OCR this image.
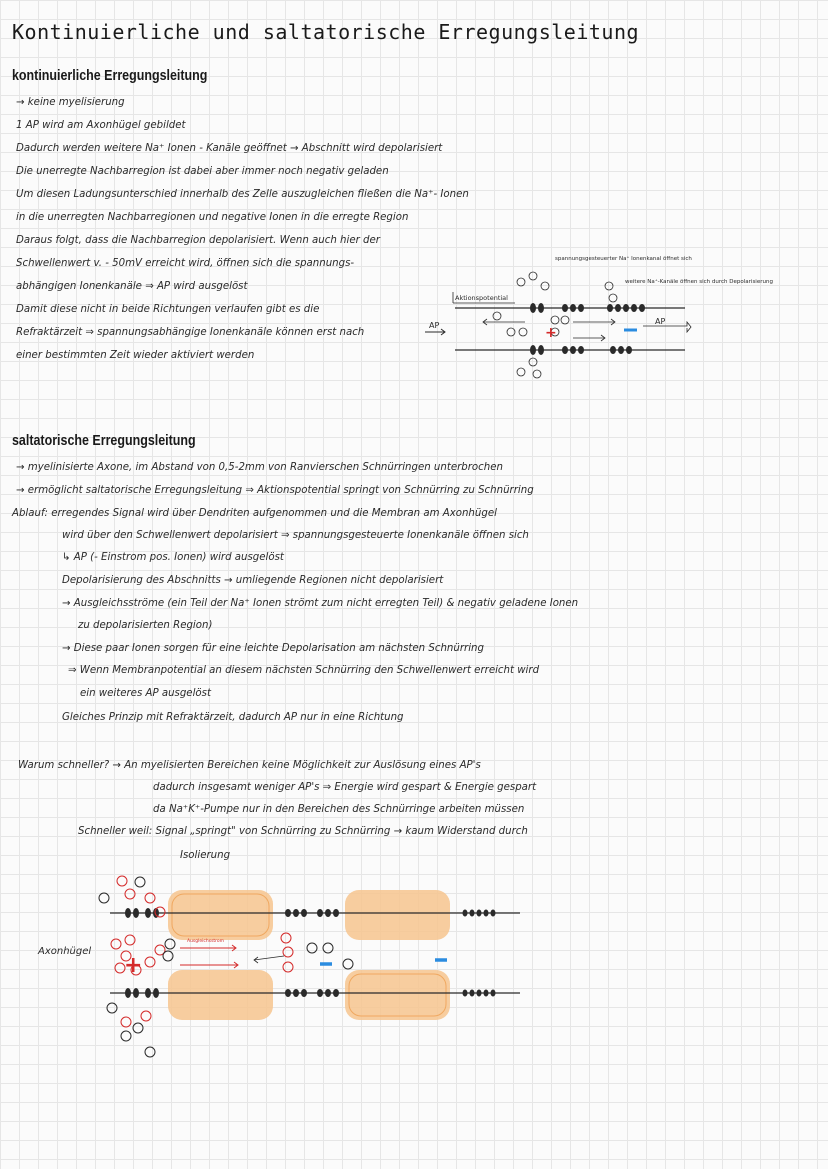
Kontinuierliche und saltatorische Erregungsleitung
kontinuierliche Erregungsleitung
→ keine myelisierung
1 AP wird am Axonhügel gebildet
Dadurch werden weitere Na⁺ Ionen - Kanäle geöffnet → Abschnitt wird depolarisiert
Die unerregte Nachbarregion ist dabei aber immer noch negativ geladen
Um diesen Ladungsunterschied innerhalb des Zelle auszugleichen fließen die Na⁺- Ionen
in die unerregten Nachbarregionen und negative Ionen in die erregte Region
Daraus folgt, dass die Nachbarregion depolarisiert. Wenn auch hier der
Schwellenwert v. - 50mV erreicht wird, öffnen sich die spannungs-
abhängigen Ionenkanäle ⇒ AP wird ausgelöst
Damit diese nicht in beide Richtungen verlaufen gibt es die
Refraktärzeit ⇒ spannungsabhängige Ionenkanäle können erst nach
einer bestimmten Zeit wieder aktiviert werden
AP
Aktionspotential
spannungsgesteuerter Na⁺ Ionenkanal öffnet sich
weitere Na⁺-Kanäle öffnen sich durch Depolarisierung
+
AP
saltatorische Erregungsleitung
→ myelinisierte Axone, im Abstand von 0,5-2mm von Ranvierschen Schnürringen unterbrochen
→ ermöglicht saltatorische Erregungsleitung ⇒ Aktionspotential springt von Schnürring zu Schnürring
Ablauf: erregendes Signal wird über Dendriten aufgenommen und die Membran am Axonhügel
wird über den Schwellenwert depolarisiert ⇒ spannungsgesteuerte Ionenkanäle öffnen sich
↳ AP (- Einstrom pos. Ionen) wird ausgelöst
Depolarisierung des Abschnitts → umliegende Regionen nicht depolarisiert
→ Ausgleichsströme (ein Teil der Na⁺ Ionen strömt zum nicht erregten Teil) & negativ geladene Ionen
zu depolarisierten Region)
→ Diese paar Ionen sorgen für eine leichte Depolarisation am nächsten Schnürring
⇒ Wenn Membranpotential an diesem nächsten Schnürring den Schwellenwert erreicht wird
ein weiteres AP ausgelöst
Gleiches Prinzip mit Refraktärzeit, dadurch AP nur in eine Richtung
Warum schneller? → An myelisierten Bereichen keine Möglichkeit zur Auslösung eines AP's
dadurch insgesamt weniger AP's ⇒ Energie wird gespart & Energie gespart
da Na⁺K⁺-Pumpe nur in den Bereichen des Schnürringe arbeiten müssen
Schneller weil: Signal „springt" von Schnürring zu Schnürring → kaum Widerstand durch
Isolierung
+
Ausgleichsstrom
Axonhügel
